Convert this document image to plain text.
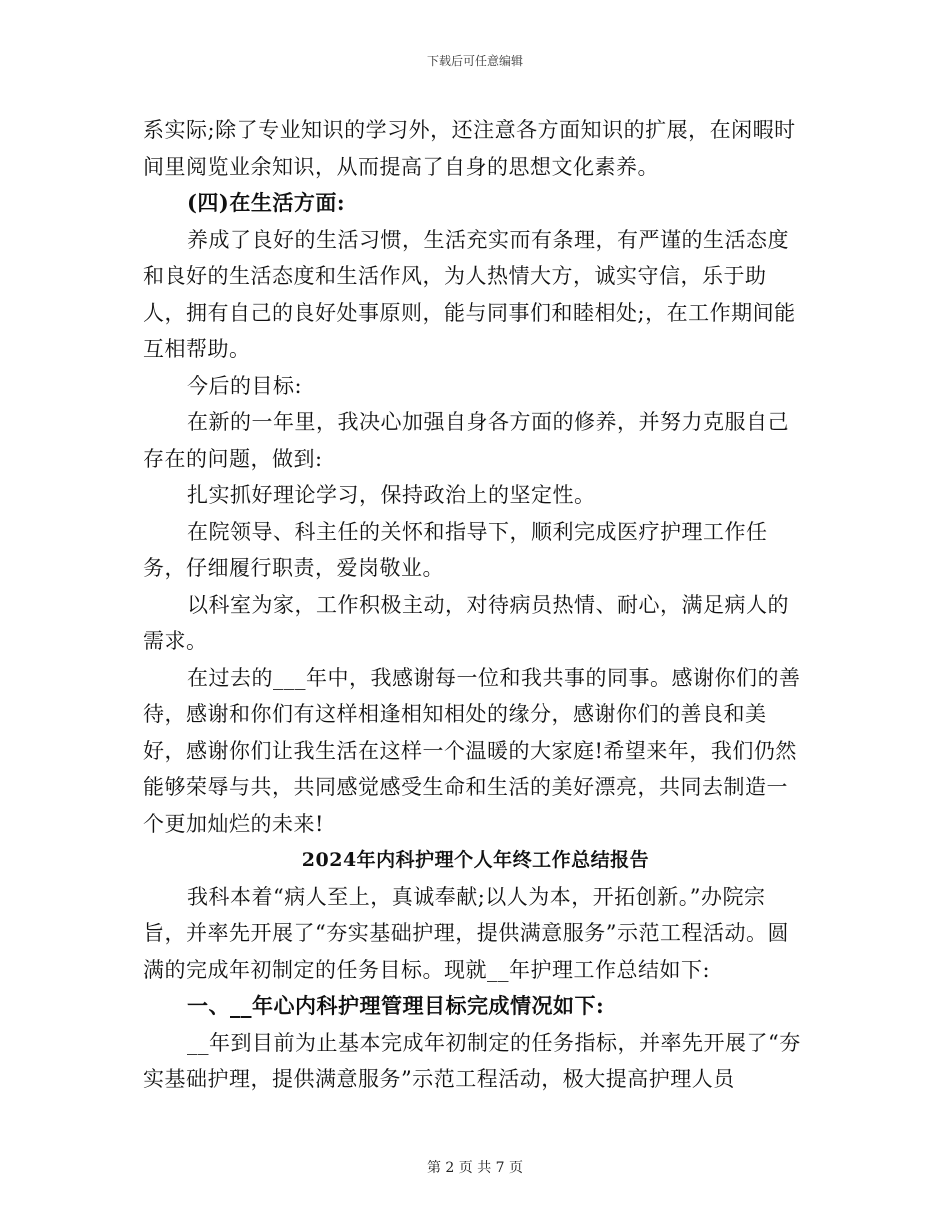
下载后可任意编辑

系实际;除了专业知识的学习外，还注意各方面知识的扩展，在闲暇时间里阅览业余知识，从而提高了自身的思想文化素养。

(四)在生活方面:

养成了良好的生活习惯，生活充实而有条理，有严谨的生活态度和良好的生活态度和生活作风，为人热情大方，诚实守信，乐于助人，拥有自己的良好处事原则，能与同事们和睦相处;，在工作期间能互相帮助。

今后的目标:

在新的一年里，我决心加强自身各方面的修养，并努力克服自己存在的问题，做到:

扎实抓好理论学习，保持政治上的坚定性。

在院领导、科主任的关怀和指导下，顺利完成医疗护理工作任务，仔细履行职责，爱岗敬业。

以科室为家，工作积极主动，对待病员热情、耐心，满足病人的需求。

在过去的___年中，我感谢每一位和我共事的同事。感谢你们的善待，感谢和你们有这样相逢相知相处的缘分，感谢你们的善良和美好，感谢你们让我生活在这样一个温暖的大家庭!希望来年，我们仍然能够荣辱与共，共同感觉感受生命和生活的美好漂亮，共同去制造一个更加灿烂的未来!

2024年内科护理个人年终工作总结报告

我科本着“病人至上，真诚奉献;以人为本，开拓创新。”办院宗旨，并率先开展了“夯实基础护理，提供满意服务”示范工程活动。圆满的完成年初制定的任务目标。现就__年护理工作总结如下:

一、__年心内科护理管理目标完成情况如下:

__年到目前为止基本完成年初制定的任务指标，并率先开展了“夯实基础护理，提供满意服务”示范工程活动，极大提高护理人员

第 2 页 共 7 页
